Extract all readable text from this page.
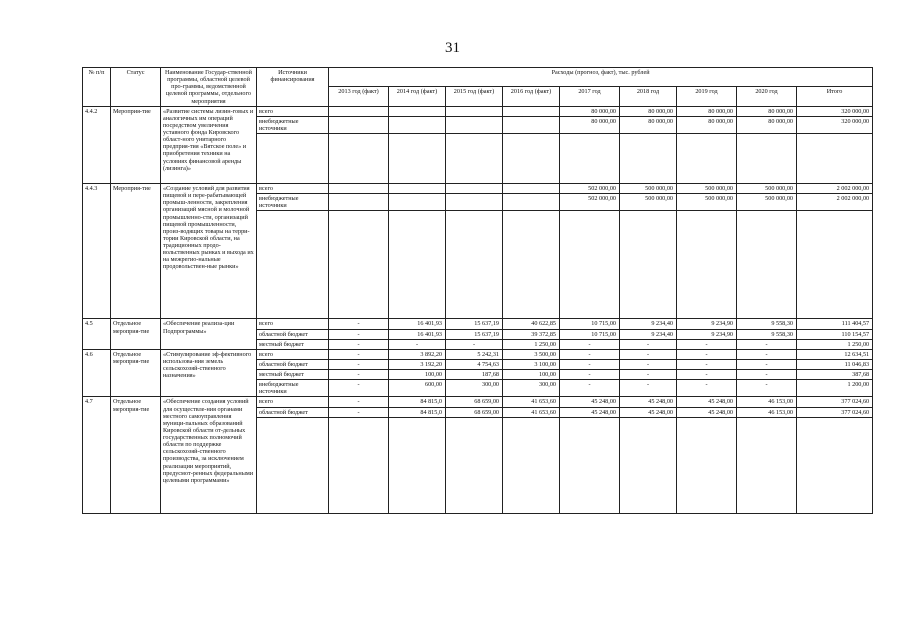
31
№ п/п	Статус	Наименование Государ-ственной программы, областной целевой про-граммы, ведомственной целевой программы, отдельного мероприятия	Источники финансирования	Расходы (прогноз, факт), тыс. рублей								
				2013 год (факт)	2014 год (факт)	2015 год (факт)	2016 год (факт)	2017 год	2018 год	2019 год	2020 год	Итого
4.4.2	Мероприя-тие	«Развитие системы лизин-говых и аналогичных им операций посредством увеличения уставного фонда Кировского област-ного унитарного предприя-тия «Вятское поле» и приобретения техники на условиях финансовой аренды (лизинга)»	всего					80 000,00	80 000,00	80 000,00	80 000,00	320 000,00
			внебюджетные источники					80 000,00	80 000,00	80 000,00	80 000,00	320 000,00

4.4.3	Мероприя-тие	«Создание условий для развития пищевой и пере-рабатывающей промыш-ленности, закрепления организаций мясной и молочной промышленно-сти, организаций пищевой промышленности, произ-водящих товары на терри-тории Кировской области, на традиционных продо-вольственных рынках и выхода их на межрегио-нальные продовольствен-ные рынки»	всего					502 000,00	500 000,00	500 000,00	500 000,00	2 002 000,00
			внебюджетные источники					502 000,00	500 000,00	500 000,00	500 000,00	2 002 000,00

4.5	Отдельное мероприя-тие	«Обеспечение реализа-ции Подпрограммы»	всего	-	16 401,93	15 637,19	40 622,85	10 715,00	9 234,40	9 234,90	9 558,30	111 404,57
			областной бюджет	-	16 401,93	15 637,19	39 372,85	10 715,00	9 234,40	9 234,90	9 558,30	110 154,57
			местный бюджет	-	-	-	1 250,00	-	-	-	-	1 250,00
4.6	Отдельное мероприя-тие	«Стимулирование эф-фективного использова-ния земель сельскохозяй-ственного назначения»	всего	-	3 892,20	5 242,31	3 500,00	-	-	-	-	12 634,51
			областной бюджет	-	3 192,20	4 754,63	3 100,00	-	-	-	-	11 046,83
			местный бюджет	-	100,00	187,68	100,00	-	-	-	-	387,68
			внебюджетные источники	-	600,00	300,00	300,00	-	-	-	-	1 200,00
4.7	Отдельное мероприя-тие	«Обеспечение создания условий для осуществле-ния органами местного самоуправления муници-пальных образований Кировской области от-дельных государственных полномочий области по поддержке сельскохозяй-ственного производства, за исключением реализации мероприятий, предусмот-ренных федеральными целевыми программами»	всего	-	84 815,0	68 659,00	41 653,60	45 248,00	45 248,00	45 248,00	46 153,00	377 024,60
			областной бюджет	-	84 815,0	68 659,00	41 653,60	45 248,00	45 248,00	45 248,00	46 153,00	377 024,60
